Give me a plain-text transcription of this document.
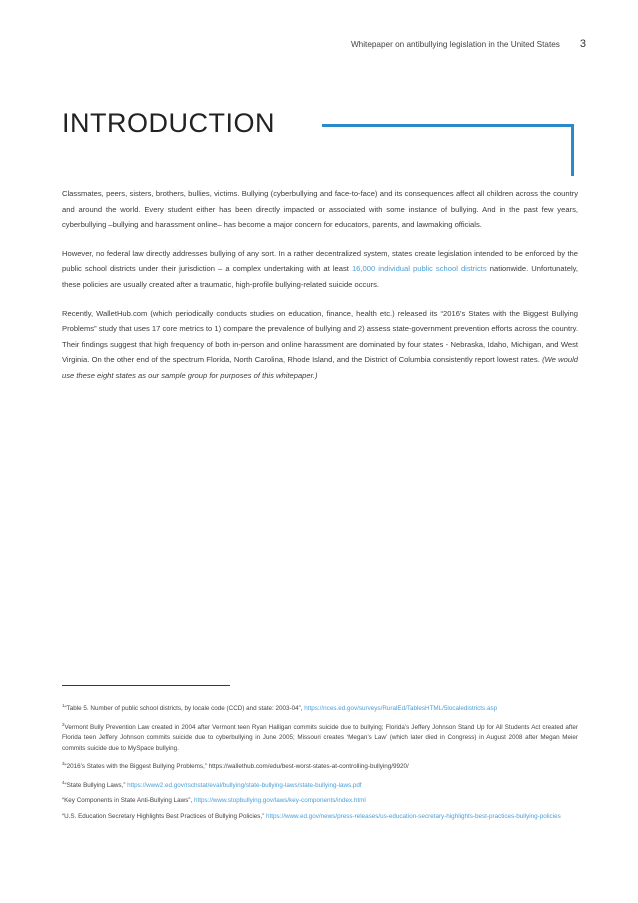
Whitepaper on antibullying legislation in the United States 3
INTRODUCTION

Classmates, peers, sisters, brothers, bullies, victims. Bullying (cyberbullying and face-to-face) and its consequences affect all children across the country and around the world. Every student either has been directly impacted or associated with some instance of bullying. And in the past few years, cyberbullying –bullying and harassment online– has become a major concern for educators, parents, and lawmaking officials.

However, no federal law directly addresses bullying of any sort. In a rather decentralized system, states create legislation intended to be enforced by the public school districts under their jurisdiction – a complex undertaking with at least 16,000 individual public school districts nationwide. Unfortunately, these policies are usually created after a traumatic, high-profile bullying-related suicide occurs.

Recently, WalletHub.com (which periodically conducts studies on education, finance, health etc.) released its “2016’s States with the Biggest Bullying Problems” study that uses 17 core metrics to 1) compare the prevalence of bullying and 2) assess state-government prevention efforts across the country. Their findings suggest that high frequency of both in-person and online harassment are dominated by four states - Nebraska, Idaho, Michigan, and West Virginia. On the other end of the spectrum Florida, North Carolina, Rhode Island, and the District of Columbia consistently report lowest rates. (We would use these eight states as our sample group for purposes of this whitepaper.)

$^1$“Table 5. Number of public school districts, by locale code (CCD) and state: 2003-04”, https://nces.ed.gov/surveys/RuralEd/TablesHTML/5localedistricts.asp
$^2$Vermont Bully Prevention Law created in 2004 after Vermont teen Ryan Halligan commits suicide due to bullying; Florida’s Jeffery Johnson Stand Up for All Students Act created after Florida teen Jeffery Johnson commits suicide due to cyberbullying in June 2005; Missouri creates ‘Megan’s Law’ (which later died in Congress) in August 2008 after Megan Meier commits suicide due to MySpace bullying.
$^3$“2016’s States with the Biggest Bullying Problems,” https://wallethub.com/edu/best-worst-states-at-controlling-bullying/9920/
$^4$“State Bullying Laws,” https://www2.ed.gov/rschstat/eval/bullying/state-bullying-laws/state-bullying-laws.pdf
“Key Components in State Anti-Bullying Laws”, https://www.stopbullying.gov/laws/key-components/index.html
“U.S. Education Secretary Highlights Best Practices of Bullying Policies,” https://www.ed.gov/news/press-releases/us-education-secretary-highlights-best-practices-bullying-policies
